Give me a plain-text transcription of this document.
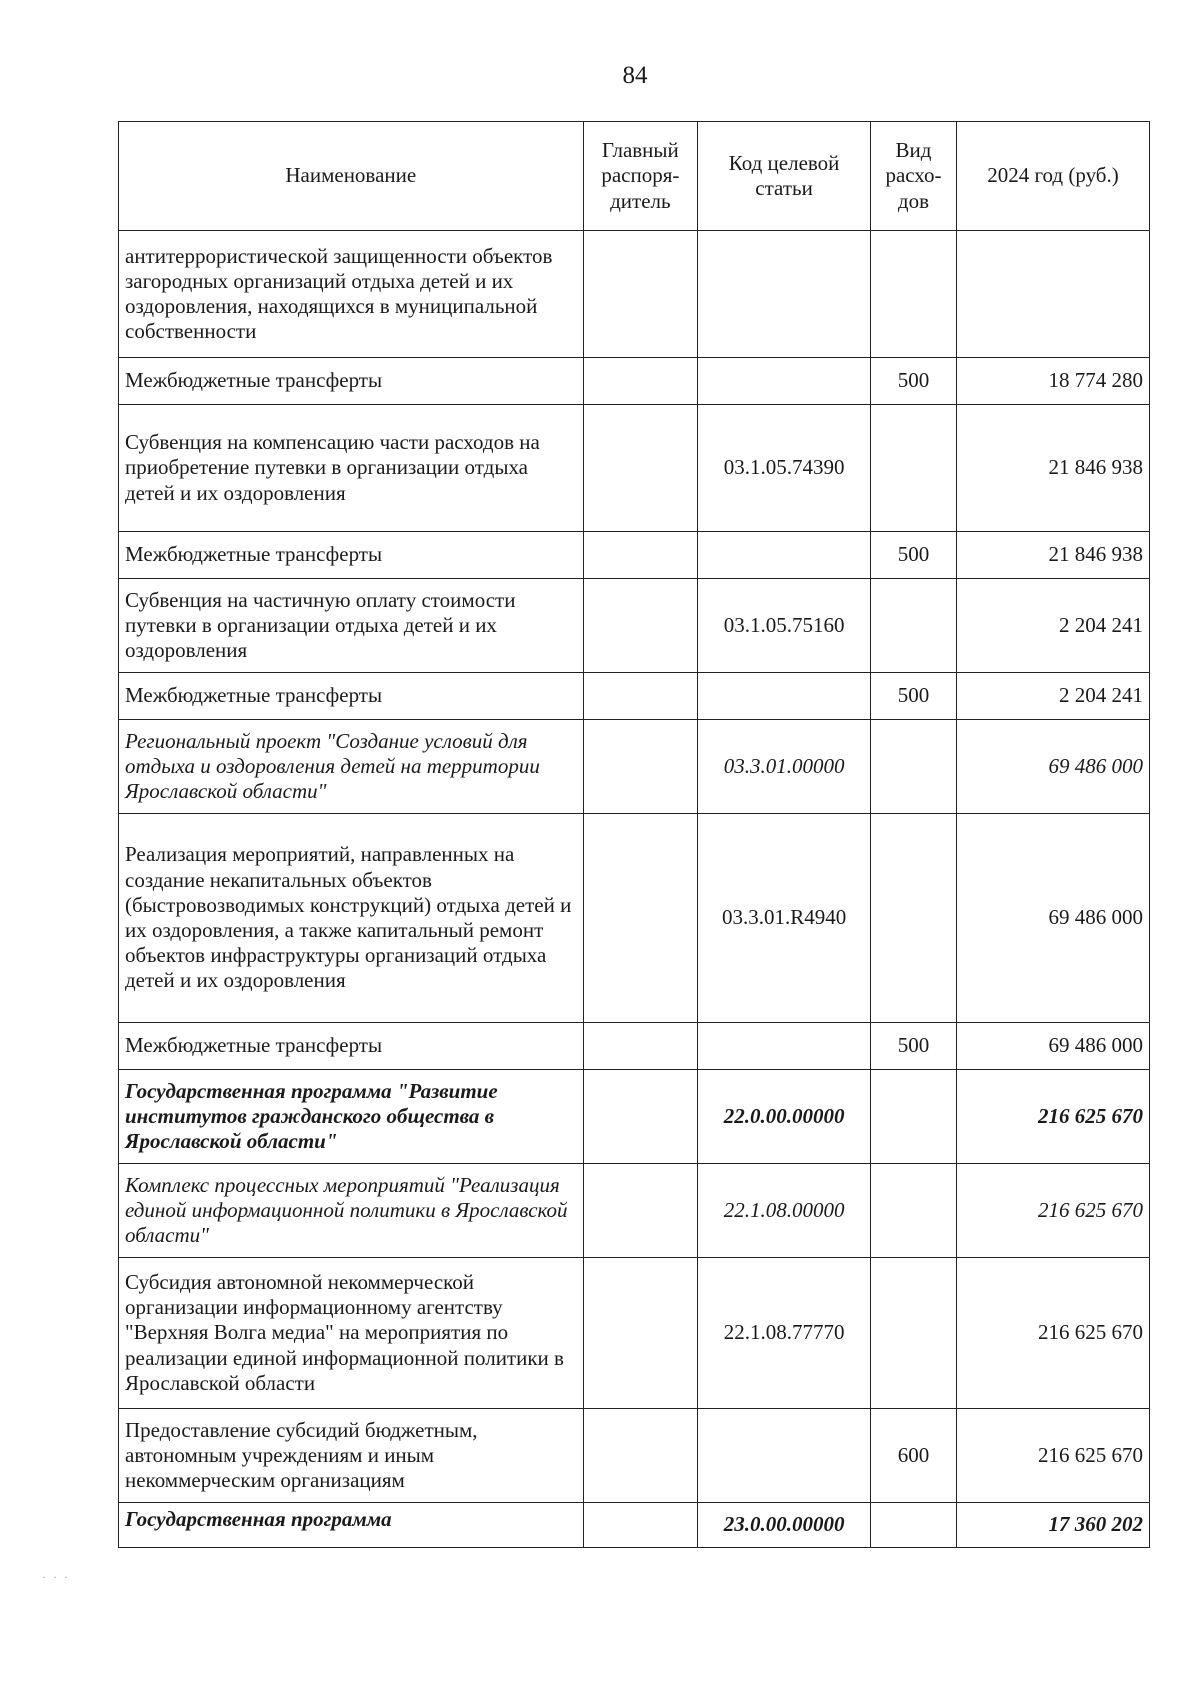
84
Наименование	Главный распоря-дитель	Код целевой статьи	Вид расхо-дов	2024 год (руб.)
антитеррористической защищенности объектов загородных организаций отдыха детей и их оздоровления, находящихся в муниципальной собственности				
Межбюджетные трансферты			500	18 774 280
Субвенция на компенсацию части расходов на приобретение путевки в организации отдыха детей и их оздоровления		03.1.05.74390		21 846 938
Межбюджетные трансферты			500	21 846 938
Субвенция на частичную оплату стоимости путевки в организации отдыха детей и их оздоровления		03.1.05.75160		2 204 241
Межбюджетные трансферты			500	2 204 241
Региональный проект "Создание условий для отдыха и оздоровления детей на территории Ярославской области"		03.3.01.00000		69 486 000
Реализация мероприятий, направленных на создание некапитальных объектов (быстровозводимых конструкций) отдыха детей и их оздоровления, а также капитальный ремонт объектов инфраструктуры организаций отдыха детей и их оздоровления		03.3.01.R4940		69 486 000
Межбюджетные трансферты			500	69 486 000
Государственная программа "Развитие институтов гражданского общества в Ярославской области"		22.0.00.00000		216 625 670
Комплекс процессных мероприятий "Реализация единой информационной политики в Ярославской области"		22.1.08.00000		216 625 670
Субсидия автономной некоммерческой организации информационному агентству "Верхняя Волга медиа" на мероприятия по реализации единой информационной политики в Ярославской области		22.1.08.77770		216 625 670
Предоставление субсидий бюджетным, автономным учреждениям и иным некоммерческим организациям			600	216 625 670
Государственная программа		23.0.00.00000		17 360 202
· · ·
